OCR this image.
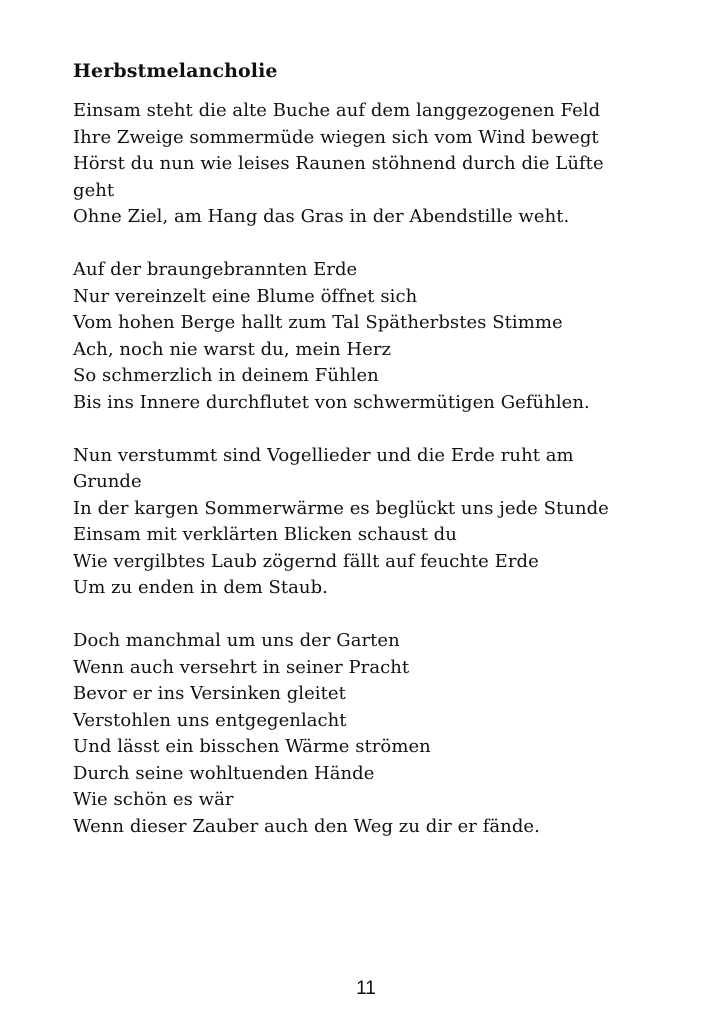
Herbstmelancholie
Einsam steht die alte Buche auf dem langgezogenen Feld
Ihre Zweige sommermüde wiegen sich vom Wind bewegt
Hörst du nun wie leises Raunen stöhnend durch die Lüfte
geht
Ohne Ziel, am Hang das Gras in der Abendstille weht.
Auf der braungebrannten Erde
Nur vereinzelt eine Blume öffnet sich
Vom hohen Berge hallt zum Tal Spätherbstes Stimme
Ach, noch nie warst du, mein Herz
So schmerzlich in deinem Fühlen
Bis ins Innere durchflutet von schwermütigen Gefühlen.
Nun verstummt sind Vogellieder und die Erde ruht am
Grunde
In der kargen Sommerwärme es beglückt uns jede Stunde
Einsam mit verklärten Blicken schaust du
Wie vergilbtes Laub zögernd fällt auf feuchte Erde
Um zu enden in dem Staub.
Doch manchmal um uns der Garten
Wenn auch versehrt in seiner Pracht
Bevor er ins Versinken gleitet
Verstohlen uns entgegenlacht
Und lässt ein bisschen Wärme strömen
Durch seine wohltuenden Hände
Wie schön es wär
Wenn dieser Zauber auch den Weg zu dir er fände.
11
